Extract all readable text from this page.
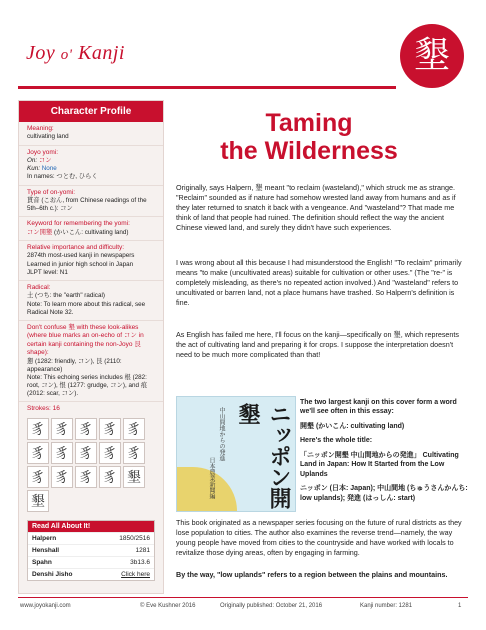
Joy o' Kanji	墾
Character Profile
Meaning:
cultivating land
Joyo yomi:
On: コン
Kun: None
In names: つとむ, ひらく
Type of on-yomi:
貫音 (こおん, from Chinese readings of the 5th–6th c.): コン
Keyword for remembering the yomi:
コン開墾 (かいこん: cultivating land)
Relative importance and difficulty:
2874th most-used kanji in newspapers
Learned in junior high school in Japan
JLPT level: N1
Radical:
土 (つち: the "earth" radical)
Note: To learn more about this radical, see Radical Note 32.
Don't confuse 墾 with these look-alikes (where blue marks an on-echo of コン in certain kanji containing the non-Joyo 艮 shape):
懇 (1282: friendly, コン), 艮 (2110: appearance)
Note: This echoing series includes 根 (282: root, コン), 恨 (1277: grudge, コン), and 痕 (2012: scar, コン).
Strokes: 16
豸 豸 豸 豸 豸
豸 豸 豸 豸 豸
豸 豸 豸 豸 墾
墾
Read All About It!
Halpern	1850/2516
Henshall	1281
Spahn	3b13.6
Denshi Jisho	Click here
Taming
the Wilderness

Originally, says Halpern, 墾 meant "to reclaim (wasteland)," which struck me as strange. "Reclaim" sounded as if nature had somehow wrested land away from humans and as if they later returned to snatch it back with a vengeance. And "wasteland"? That made me think of land that people had ruined. The definition should reflect the way the ancient Chinese viewed land, and surely they didn't have such experiences.

I was wrong about all this because I had misunderstood the English! "To reclaim" primarily means "to make (uncultivated areas) suitable for cultivation or other uses." (The "re-" is completely misleading, as there's no repeated action involved.) And "wasteland" refers to uncultivated or barren land, not a place humans have trashed. So Halpern's definition is fine.

As English has failed me here, I'll focus on the kanji—specifically on 墾, which represents the act of cultivating land and preparing it for crops. I suppose the interpretation doesn't need to be much more complicated than that!

ニッポン開墾
中山間地からの発進
日本農業新聞編

The two largest kanji on this cover form a word we'll see often in this essay:

開墾 (かいこん: cultivating land)

Here's the whole title:

「ニッポン開墾 中山間地からの発進」 Cultivating Land in Japan: How It Started from the Low Uplands

ニッポン (日本: Japan); 中山間地 (ちゅうさんかんち: low uplands); 発進 (はっしん: start)

This book originated as a newspaper series focusing on the future of rural districts as they lose population to cities. The author also examines the reverse trend—namely, the way young people have moved from cities to the countryside and have worked with locals to revitalize those dying areas, often by engaging in farming.

By the way, "low uplands" refers to a region between the plains and mountains.

www.joyokanji.com	© Eve Kushner 2016	Originally published: October 21, 2016	Kanji number: 1281	1
